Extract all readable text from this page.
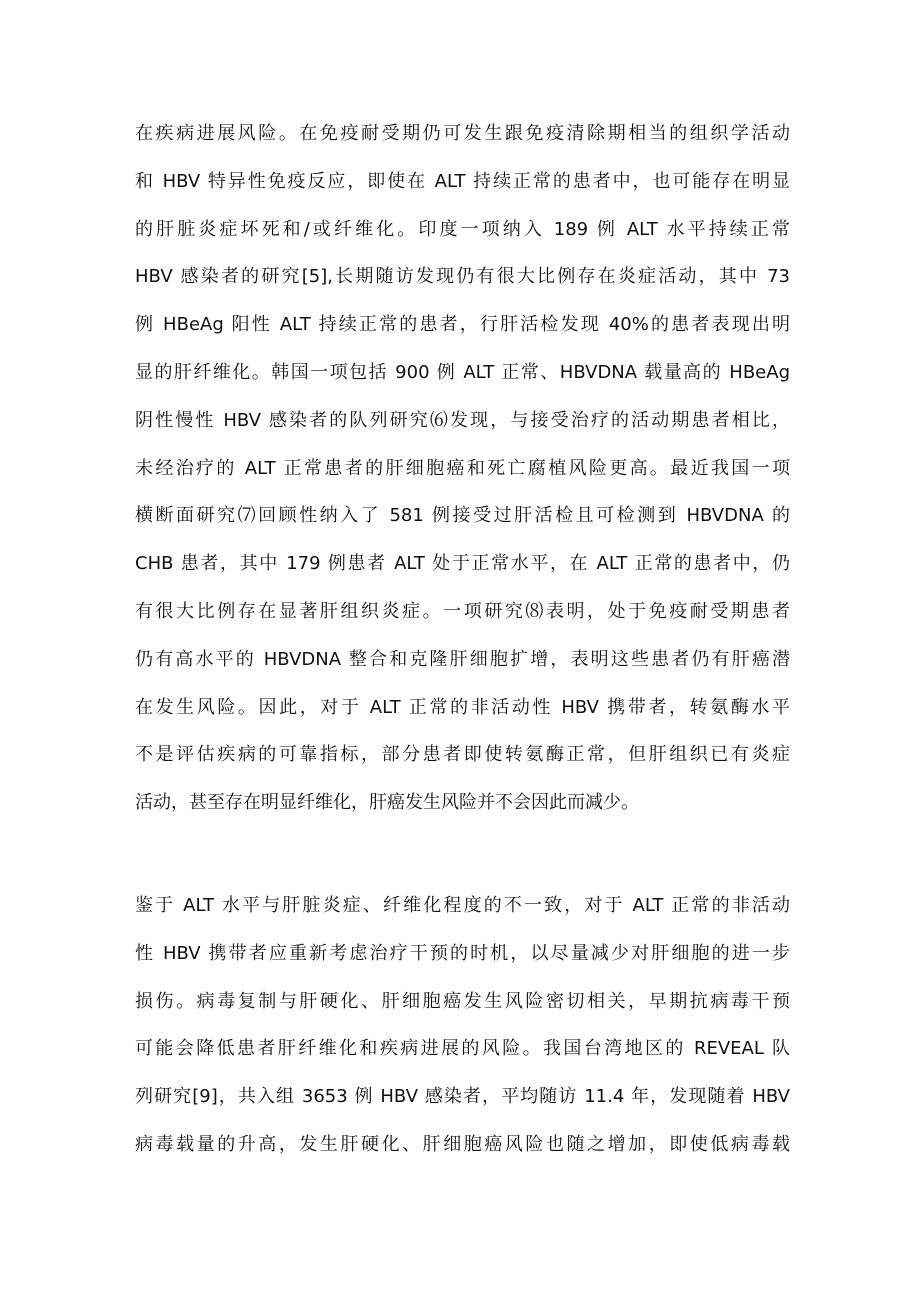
在疾病进展风险。在免疫耐受期仍可发生跟免疫清除期相当的组织学活动
和 HBV 特异性免疫反应，即使在 ALT 持续正常的患者中，也可能存在明显
的肝脏炎症坏死和/或纤维化。印度一项纳入 189 例 ALT 水平持续正常
HBV 感染者的研究[5],长期随访发现仍有很大比例存在炎症活动，其中 73
例 HBeAg 阳性 ALT 持续正常的患者，行肝活检发现 40%的患者表现出明
显的肝纤维化。韩国一项包括 900 例 ALT 正常、HBVDNA 载量高的 HBeAg
阴性慢性 HBV 感染者的队列研究⑹发现，与接受治疗的活动期患者相比，
未经治疗的 ALT 正常患者的肝细胞癌和死亡腐植风险更高。最近我国一项
横断面研究⑺回顾性纳入了 581 例接受过肝活检且可检测到 HBVDNA 的
CHB 患者，其中 179 例患者 ALT 处于正常水平，在 ALT 正常的患者中，仍
有很大比例存在显著肝组织炎症。一项研究⑻表明，处于免疫耐受期患者
仍有高水平的 HBVDNA 整合和克隆肝细胞扩增，表明这些患者仍有肝癌潜
在发生风险。因此，对于 ALT 正常的非活动性 HBV 携带者，转氨酶水平
不是评估疾病的可靠指标，部分患者即使转氨酶正常，但肝组织已有炎症
活动，甚至存在明显纤维化，肝癌发生风险并不会因此而减少。
鉴于 ALT 水平与肝脏炎症、纤维化程度的不一致，对于 ALT 正常的非活动
性 HBV 携带者应重新考虑治疗干预的时机，以尽量减少对肝细胞的进一步
损伤。病毒复制与肝硬化、肝细胞癌发生风险密切相关，早期抗病毒干预
可能会降低患者肝纤维化和疾病进展的风险。我国台湾地区的 REVEAL 队
列研究[9]，共入组 3653 例 HBV 感染者，平均随访 11.4 年，发现随着 HBV
病毒载量的升高，发生肝硬化、肝细胞癌风险也随之增加，即使低病毒载
